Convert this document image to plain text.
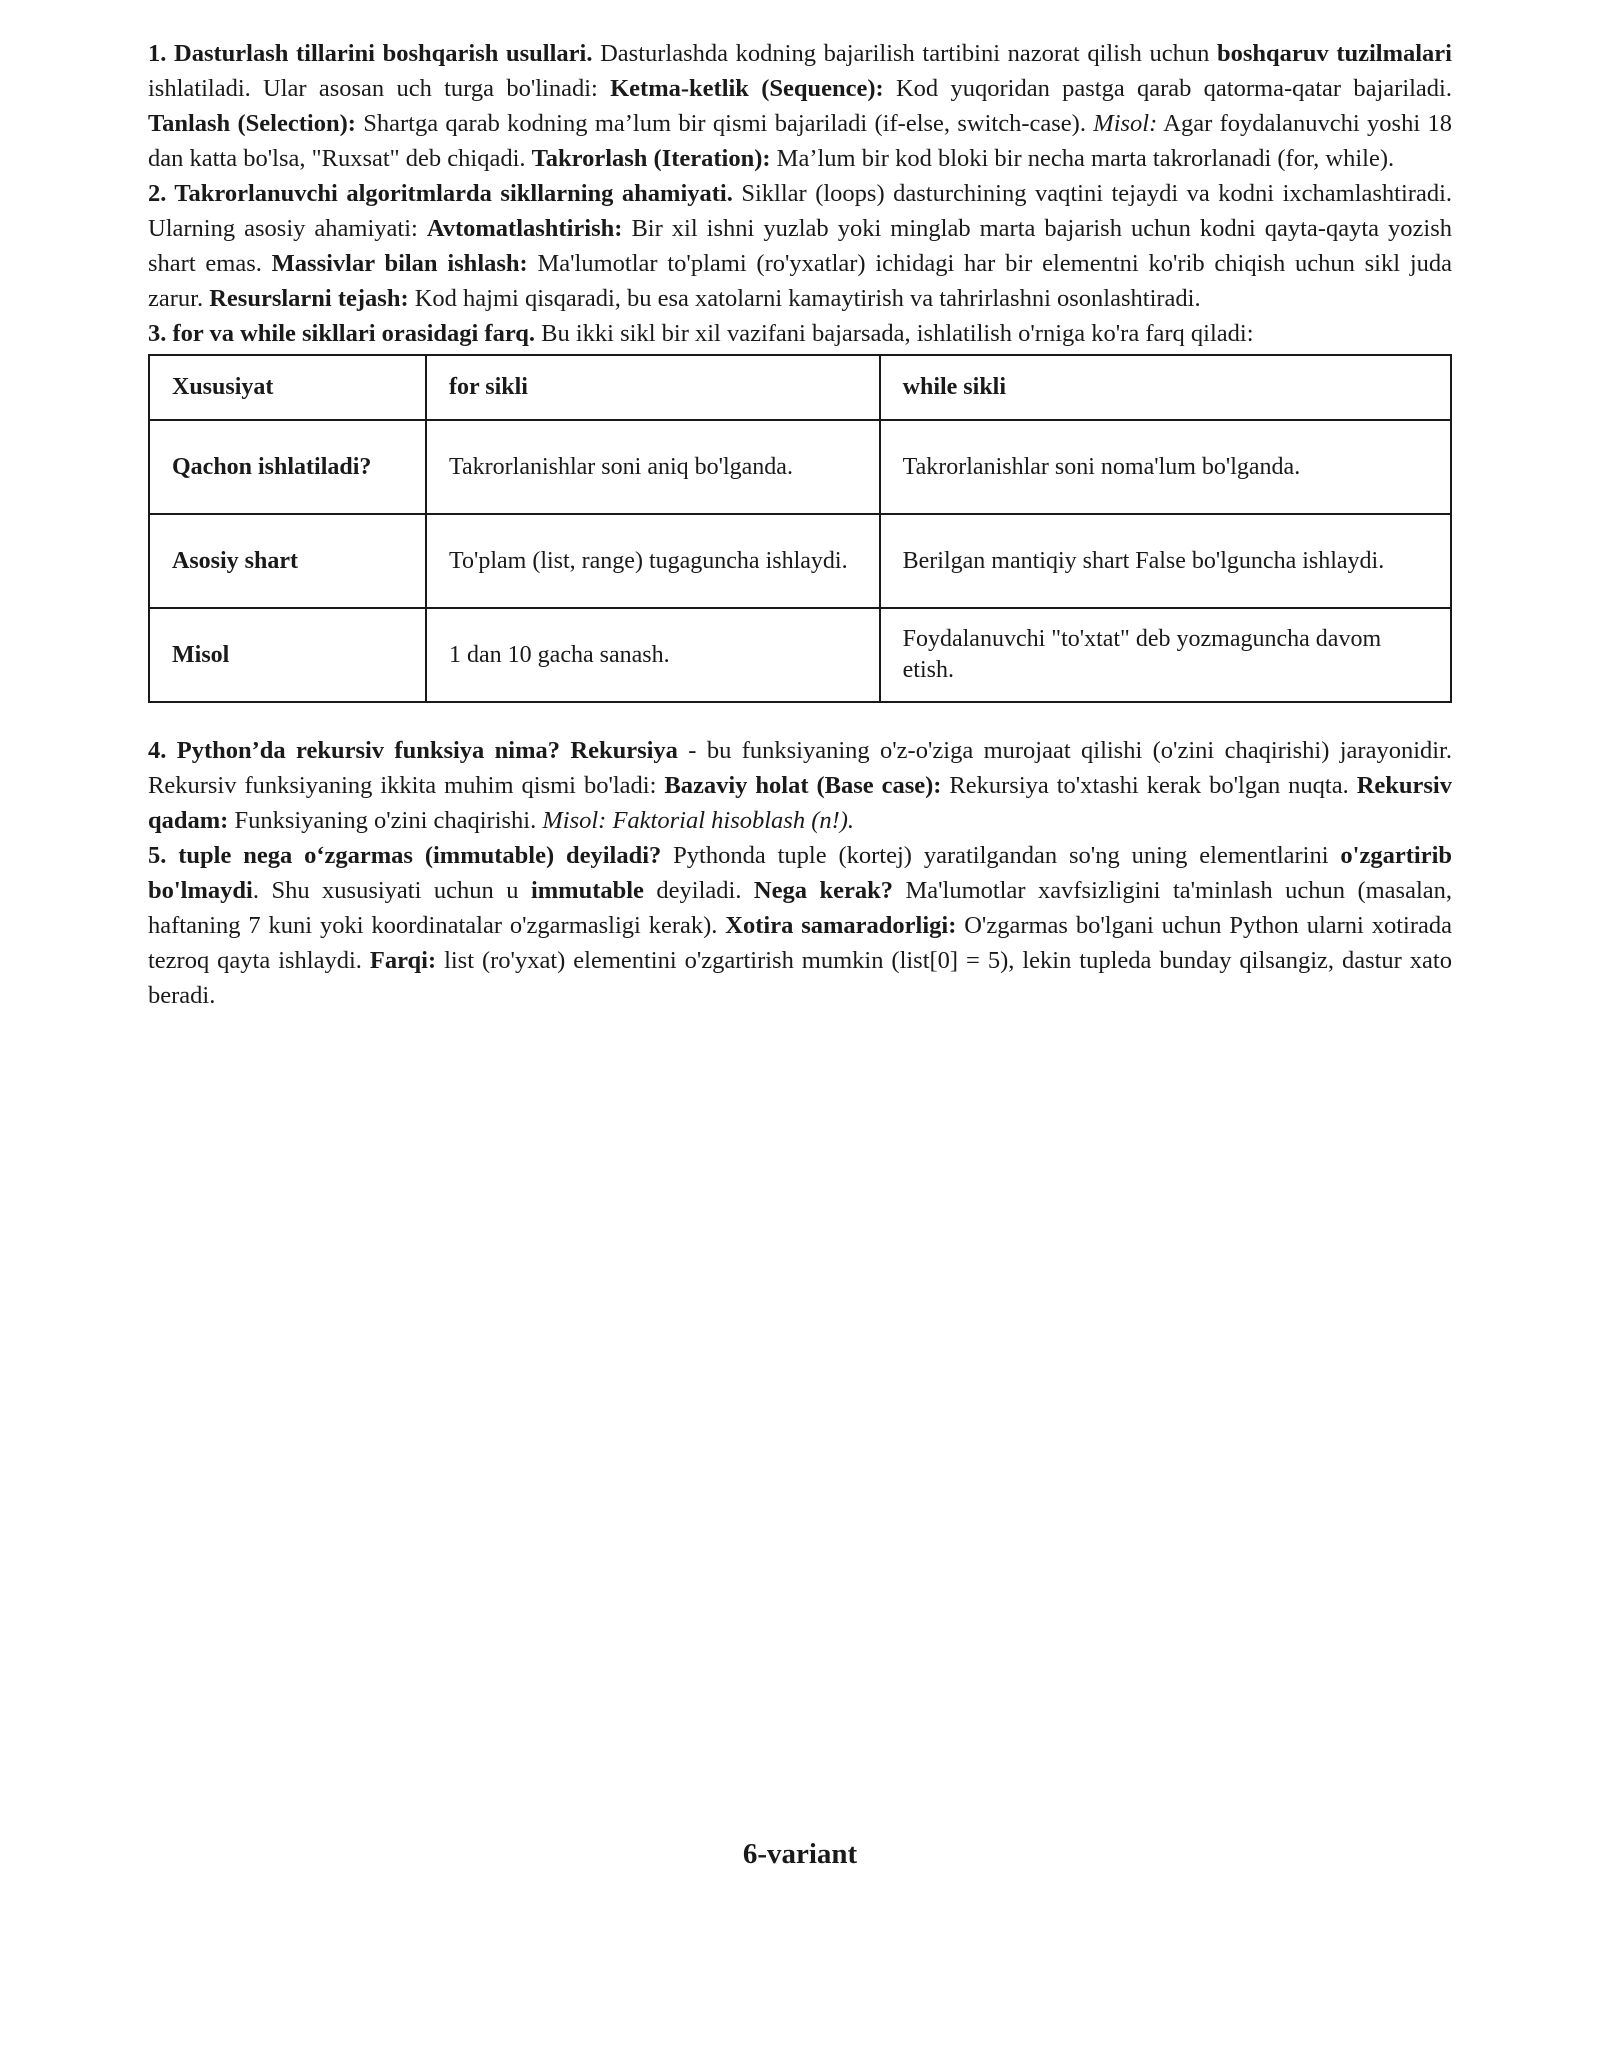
1. Dasturlash tillarini boshqarish usullari. Dasturlashda kodning bajarilish tartibini nazorat qilish uchun boshqaruv tuzilmalari ishlatiladi. Ular asosan uch turga bo'linadi: Ketma-ketlik (Sequence): Kod yuqoridan pastga qarab qatorma-qatar bajariladi. Tanlash (Selection): Shartga qarab kodning ma’lum bir qismi bajariladi (if-else, switch-case). Misol: Agar foydalanuvchi yoshi 18 dan katta bo'lsa, "Ruxsat" deb chiqadi. Takrorlash (Iteration): Ma’lum bir kod bloki bir necha marta takrorlanadi (for, while).

2. Takrorlanuvchi algoritmlarda sikllarning ahamiyati. Sikllar (loops) dasturchining vaqtini tejaydi va kodni ixchamlashtiradi. Ularning asosiy ahamiyati: Avtomatlashtirish: Bir xil ishni yuzlab yoki minglab marta bajarish uchun kodni qayta-qayta yozish shart emas. Massivlar bilan ishlash: Ma'lumotlar to'plami (ro'yxatlar) ichidagi har bir elementni ko'rib chiqish uchun sikl juda zarur. Resurslarni tejash: Kod hajmi qisqaradi, bu esa xatolarni kamaytirish va tahrirlashni osonlashtiradi.

3. for va while sikllari orasidagi farq. Bu ikki sikl bir xil vazifani bajarsada, ishlatilish o'rniga ko'ra farq qiladi:

Xususiyat	for sikli	while sikli
Qachon ishlatiladi?	Takrorlanishlar soni aniq bo'lganda.	Takrorlanishlar soni noma'lum bo'lganda.
Asosiy shart	To'plam (list, range) tugaguncha ishlaydi.	Berilgan mantiqiy shart False bo'lguncha ishlaydi.
Misol	1 dan 10 gacha sanash.	Foydalanuvchi "to'xtat" deb yozmaguncha davom etish.

4. Python’da rekursiv funksiya nima? Rekursiya - bu funksiyaning o'z-o'ziga murojaat qilishi (o'zini chaqirishi) jarayonidir. Rekursiv funksiyaning ikkita muhim qismi bo'ladi: Bazaviy holat (Base case): Rekursiya to'xtashi kerak bo'lgan nuqta. Rekursiv qadam: Funksiyaning o'zini chaqirishi. Misol: Faktorial hisoblash (n!).

5. tuple nega o‘zgarmas (immutable) deyiladi? Pythonda tuple (kortej) yaratilgandan so'ng uning elementlarini o'zgartirib bo'lmaydi. Shu xususiyati uchun u immutable deyiladi. Nega kerak? Ma'lumotlar xavfsizligini ta'minlash uchun (masalan, haftaning 7 kuni yoki koordinatalar o'zgarmasligi kerak). Xotira samaradorligi: O'zgarmas bo'lgani uchun Python ularni xotirada tezroq qayta ishlaydi. Farqi: list (ro'yxat) elementini o'zgartirish mumkin (list[0] = 5), lekin tupleda bunday qilsangiz, dastur xato beradi.

6-variant
